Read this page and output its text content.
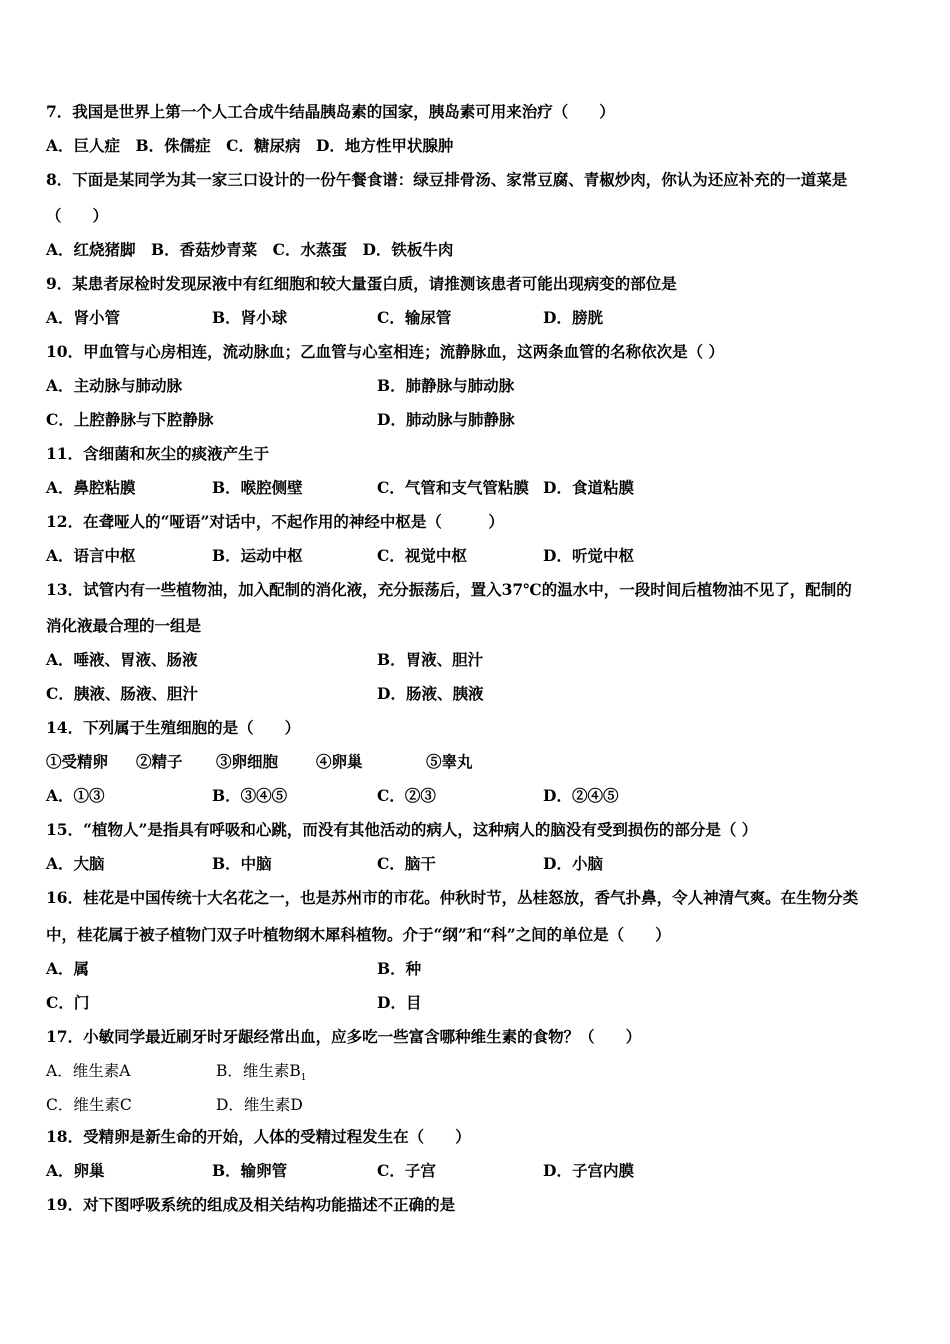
7．我国是世界上第一个人工合成牛结晶胰岛素的国家，胰岛素可用来治疗（　　）
A．巨人症　B．侏儒症　C．糖尿病　D．地方性甲状腺肿
8．下面是某同学为其一家三口设计的一份午餐食谱：绿豆排骨汤、家常豆腐、青椒炒肉，你认为还应补充的一道菜是
（　　）
A．红烧猪脚　B．香菇炒青菜　C．水蒸蛋　D．铁板牛肉
9．某患者尿检时发现尿液中有红细胞和较大量蛋白质，请推测该患者可能出现病变的部位是
A．肾小管	B．肾小球	C．输尿管	D．膀胱
10．甲血管与心房相连，流动脉血；乙血管与心室相连；流静脉血，这两条血管的名称依次是（ ）
A．主动脉与肺动脉	B．肺静脉与肺动脉
C．上腔静脉与下腔静脉	D．肺动脉与肺静脉
11．含细菌和灰尘的痰液产生于
A．鼻腔粘膜	B．喉腔侧壁	C．气管和支气管粘膜 D．食道粘膜
12．在聋哑人的“哑语”对话中，不起作用的神经中枢是（　　　）
A．语言中枢	B．运动中枢	C．视觉中枢	D．听觉中枢
13．试管内有一些植物油，加入配制的消化液，充分振荡后，置入37℃的温水中，一段时间后植物油不见了，配制的
消化液最合理的一组是
A．唾液、胃液、肠液	B．胃液、胆汁
C．胰液、肠液、胆汁	D．肠液、胰液
14．下列属于生殖细胞的是（　　）
①受精卵 ②精子 ③卵细胞 ④卵巢	⑤睾丸
A．①③	B．③④⑤	C．②③	D．②④⑤
15．“植物人”是指具有呼吸和心跳，而没有其他活动的病人，这种病人的脑没有受到损伤的部分是（ ）
A．大脑	B．中脑	C．脑干	D．小脑
16．桂花是中国传统十大名花之一，也是苏州市的市花。仲秋时节，丛桂怒放，香气扑鼻，令人神清气爽。在生物分类
中，桂花属于被子植物门双子叶植物纲木犀科植物。介于“纲”和“科”之间的单位是（　　）
A．属	B．种
C．门	D．目
17．小敏同学最近刷牙时牙龈经常出血，应多吃一些富含哪种维生素的食物？（　　）
A．维生素A	B．维生素$B_1$
C．维生素C	D．维生素D
18．受精卵是新生命的开始，人体的受精过程发生在（　　）
A．卵巢	B．输卵管	C．子宫	D．子宫内膜
19．对下图呼吸系统的组成及相关结构功能描述不正确的是
